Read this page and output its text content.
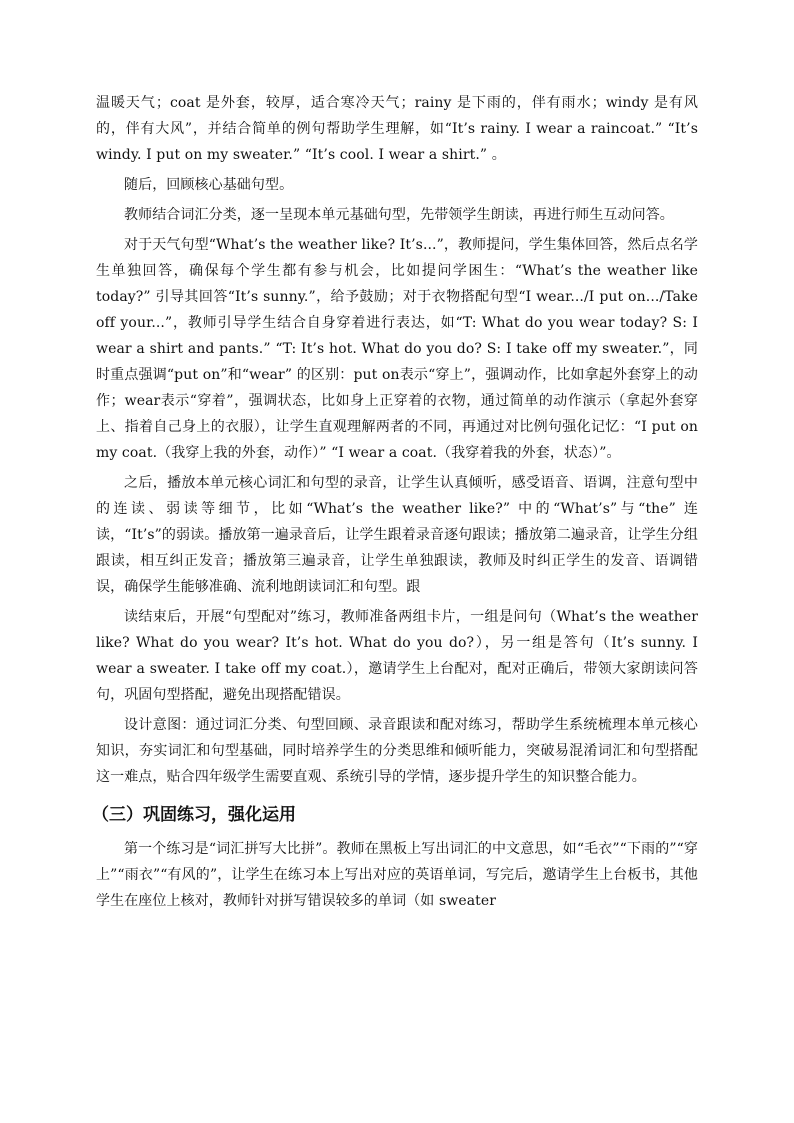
温暖天气；coat 是外套，较厚，适合寒冷天气；rainy 是下雨的，伴有雨水；windy 是有风的，伴有大风”，并结合简单的例句帮助学生理解，如“It’s rainy. I wear a raincoat.” “It’s windy. I put on my sweater.” “It’s cool. I wear a shirt.” 。

随后，回顾核心基础句型。

教师结合词汇分类，逐一呈现本单元基础句型，先带领学生朗读，再进行师生互动问答。

对于天气句型“What’s the weather like? It’s...”，教师提问，学生集体回答，然后点名学生单独回答，确保每个学生都有参与机会，比如提问学困生：“What’s the weather like today?” 引导其回答“It’s sunny.”，给予鼓励；对于衣物搭配句型“I wear.../I put on.../Take off your...”，教师引导学生结合自身穿着进行表达，如“T: What do you wear today? S: I wear a shirt and pants.” “T: It’s hot. What do you do? S: I take off my sweater.”，同时重点强调“put on”和“wear” 的区别：put on表示“穿上”，强调动作，比如拿起外套穿上的动作；wear表示“穿着”，强调状态，比如身上正穿着的衣物，通过简单的动作演示（拿起外套穿上、指着自己身上的衣服），让学生直观理解两者的不同，再通过对比例句强化记忆：“I put on my coat.（我穿上我的外套，动作）” “I wear a coat.（我穿着我的外套，状态）”。

之后，播放本单元核心词汇和句型的录音，让学生认真倾听，感受语音、语调，注意句型中的连读、弱读等细节，比如“What’s the weather like?” 中的“What’s”与“the” 连读，“It’s”的弱读。播放第一遍录音后，让学生跟着录音逐句跟读；播放第二遍录音，让学生分组跟读，相互纠正发音；播放第三遍录音，让学生单独跟读，教师及时纠正学生的发音、语调错误，确保学生能够准确、流利地朗读词汇和句型。跟

读结束后，开展“句型配对”练习，教师准备两组卡片，一组是问句（What’s the weather like? What do you wear? It’s hot. What do you do?），另一组是答句（It’s sunny. I wear a sweater. I take off my coat.），邀请学生上台配对，配对正确后，带领大家朗读问答句，巩固句型搭配，避免出现搭配错误。

设计意图：通过词汇分类、句型回顾、录音跟读和配对练习，帮助学生系统梳理本单元核心知识，夯实词汇和句型基础，同时培养学生的分类思维和倾听能力，突破易混淆词汇和句型搭配这一难点，贴合四年级学生需要直观、系统引导的学情，逐步提升学生的知识整合能力。

（三）巩固练习，强化运用

第一个练习是“词汇拼写大比拼”。教师在黑板上写出词汇的中文意思，如“毛衣”“下雨的”“穿上”“雨衣”“有风的”，让学生在练习本上写出对应的英语单词，写完后，邀请学生上台板书，其他学生在座位上核对，教师针对拼写错误较多的单词（如 sweater
